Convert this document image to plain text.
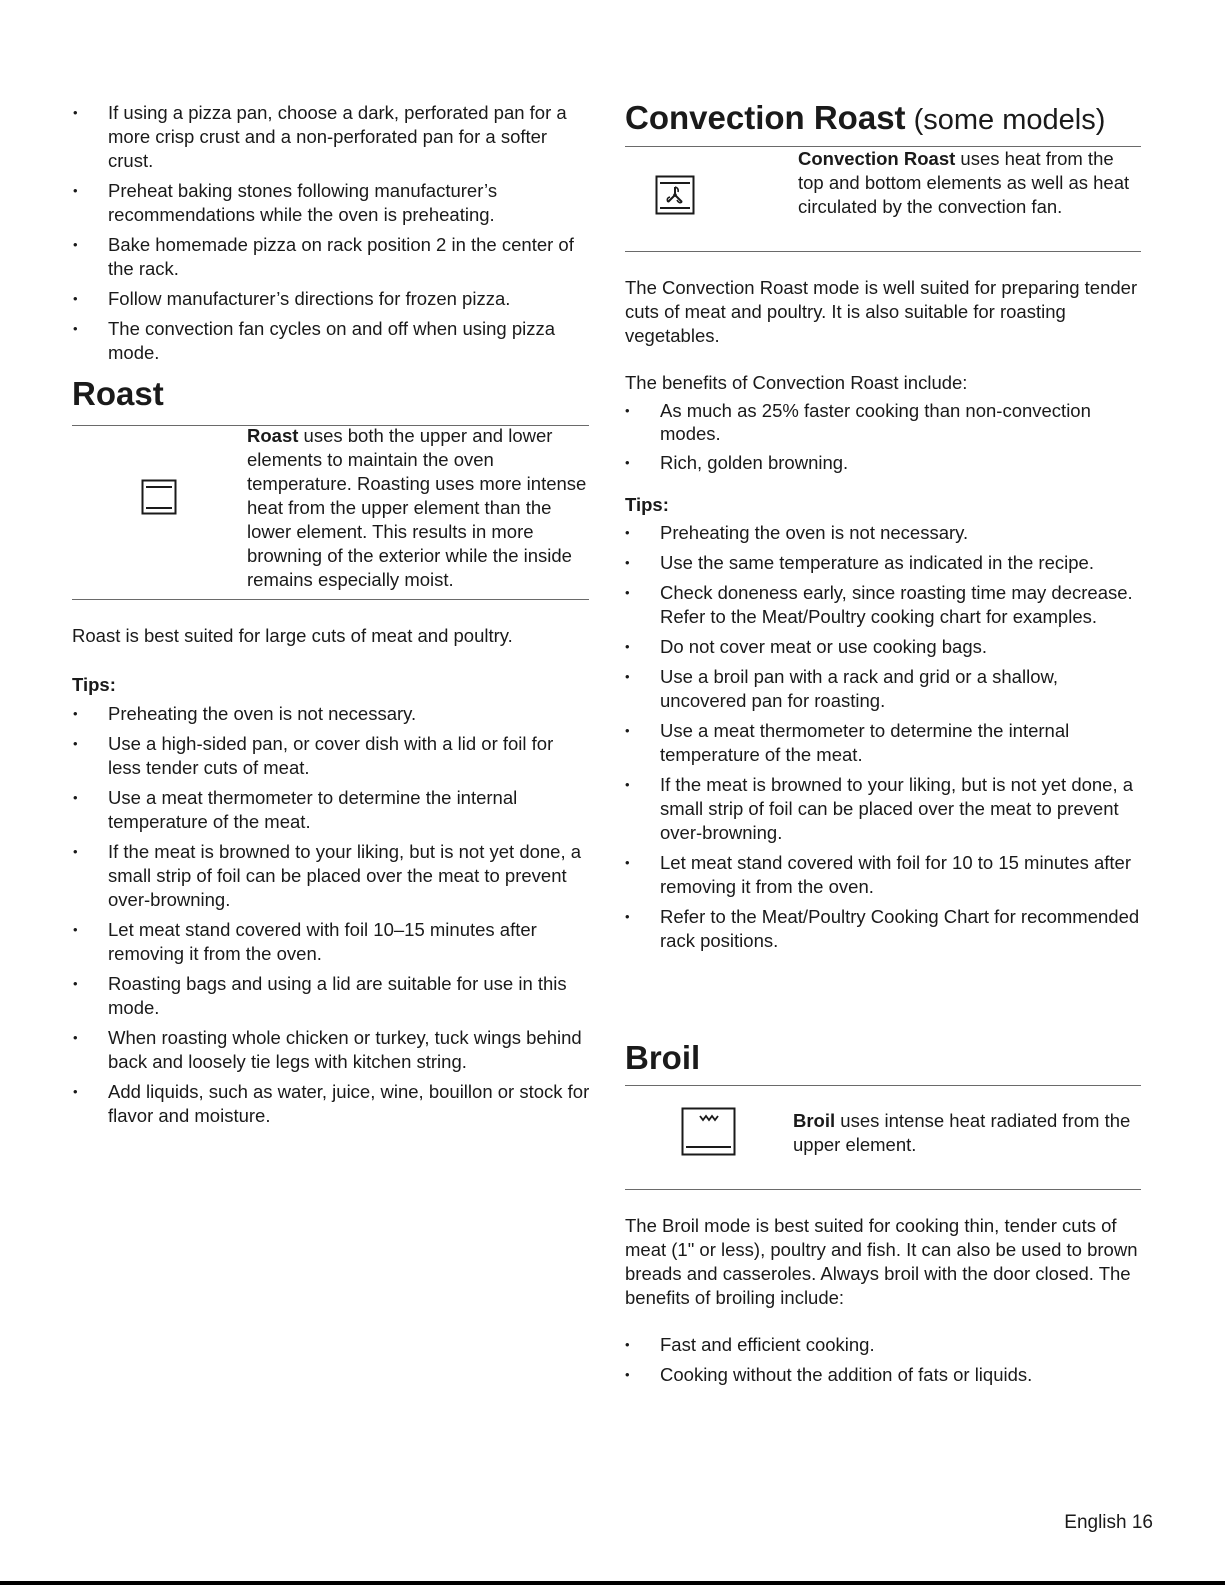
• If using a pizza pan, choose a dark, perforated pan for a more crisp crust and a non-perforated pan for a softer crust.
• Preheat baking stones following manufacturer’s recommendations while the oven is preheating.
• Bake homemade pizza on rack position 2 in the center of the rack.
• Follow manufacturer’s directions for frozen pizza.
• The convection fan cycles on and off when using pizza mode.
Roast
Roast uses both the upper and lower elements to maintain the oven temperature. Roasting uses more intense heat from the upper element than the lower element. This results in more browning of the exterior while the inside remains especially moist.

Roast is best suited for large cuts of meat and poultry.

Tips:
• Preheating the oven is not necessary.
• Use a high-sided pan, or cover dish with a lid or foil for less tender cuts of meat.
• Use a meat thermometer to determine the internal temperature of the meat.
• If the meat is browned to your liking, but is not yet done, a small strip of foil can be placed over the meat to prevent over-browning.
• Let meat stand covered with foil 10–15 minutes after removing it from the oven.
• Roasting bags and using a lid are suitable for use in this mode.
• When roasting whole chicken or turkey, tuck wings behind back and loosely tie legs with kitchen string.
• Add liquids, such as water, juice, wine, bouillon or stock for flavor and moisture.
Convection Roast (some models)
Convection Roast uses heat from the top and bottom elements as well as heat circulated by the convection fan.

The Convection Roast mode is well suited for preparing tender cuts of meat and poultry. It is also suitable for roasting vegetables.

The benefits of Convection Roast include:

• As much as 25% faster cooking than non-convection modes.
• Rich, golden browning.
Tips:
• Preheating the oven is not necessary.
• Use the same temperature as indicated in the recipe.
• Check doneness early, since roasting time may decrease. Refer to the Meat/Poultry cooking chart for examples.
• Do not cover meat or use cooking bags.
• Use a broil pan with a rack and grid or a shallow, uncovered pan for roasting.
• Use a meat thermometer to determine the internal temperature of the meat.
• If the meat is browned to your liking, but is not yet done, a small strip of foil can be placed over the meat to prevent over-browning.
• Let meat stand covered with foil for 10 to 15 minutes after removing it from the oven.
• Refer to the Meat/Poultry Cooking Chart for recommended rack positions.
Broil
Broil uses intense heat radiated from the upper element.

The Broil mode is best suited for cooking thin, tender cuts of meat (1" or less), poultry and fish. It can also be used to brown breads and casseroles. Always broil with the door closed. The benefits of broiling include:

• Fast and efficient cooking.
• Cooking without the addition of fats or liquids.
English 16
